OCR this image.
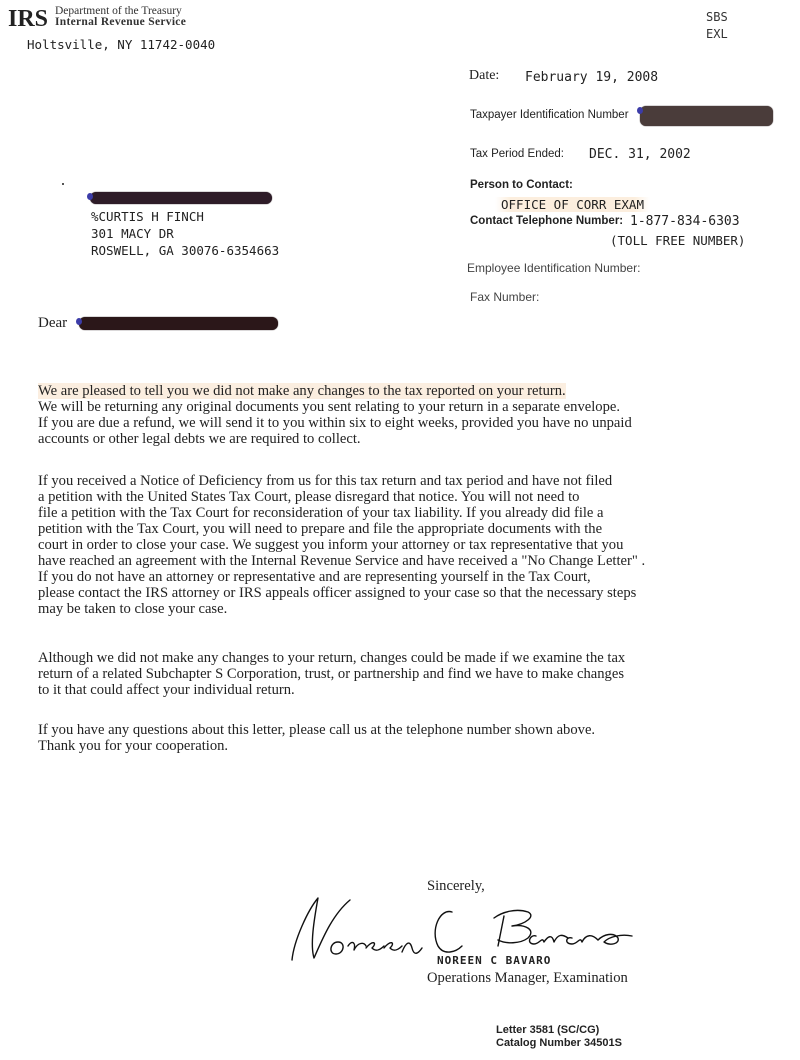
IRS Department of the Treasury
Internal Revenue Service
Holtsville, NY 11742-0040
SBS
EXL
Date: February 19, 2008
Taxpayer Identification Number
Tax Period Ended: DEC. 31, 2002
Person to Contact:
OFFICE OF CORR EXAM
Contact Telephone Number: 1-877-834-6303
(TOLL FREE NUMBER)
Employee Identification Number:
Fax Number:
%CURTIS H FINCH
301 MACY DR
ROSWELL, GA 30076-6354663
Dear
We are pleased to tell you we did not make any changes to the tax reported on your return.
We will be returning any original documents you sent relating to your return in a separate envelope.
If you are due a refund, we will send it to you within six to eight weeks, provided you have no unpaid
accounts or other legal debts we are required to collect.
If you received a Notice of Deficiency from us for this tax return and tax period and have not filed
a petition with the United States Tax Court, please disregard that notice. You will not need to
file a petition with the Tax Court for reconsideration of your tax liability. If you already did file a
petition with the Tax Court, you will need to prepare and file the appropriate documents with the
court in order to close your case. We suggest you inform your attorney or tax representative that you
have reached an agreement with the Internal Revenue Service and have received a "No Change Letter" .
If you do not have an attorney or representative and are representing yourself in the Tax Court,
please contact the IRS attorney or IRS appeals officer assigned to your case so that the necessary steps
may be taken to close your case.
Although we did not make any changes to your return, changes could be made if we examine the tax
return of a related Subchapter S Corporation, trust, or partnership and find we have to make changes
to it that could affect your individual return.
If you have any questions about this letter, please call us at the telephone number shown above.
Thank you for your cooperation.
Sincerely,
NOREEN C BAVARO
Operations Manager, Examination
Letter 3581 (SC/CG)
Catalog Number 34501S
